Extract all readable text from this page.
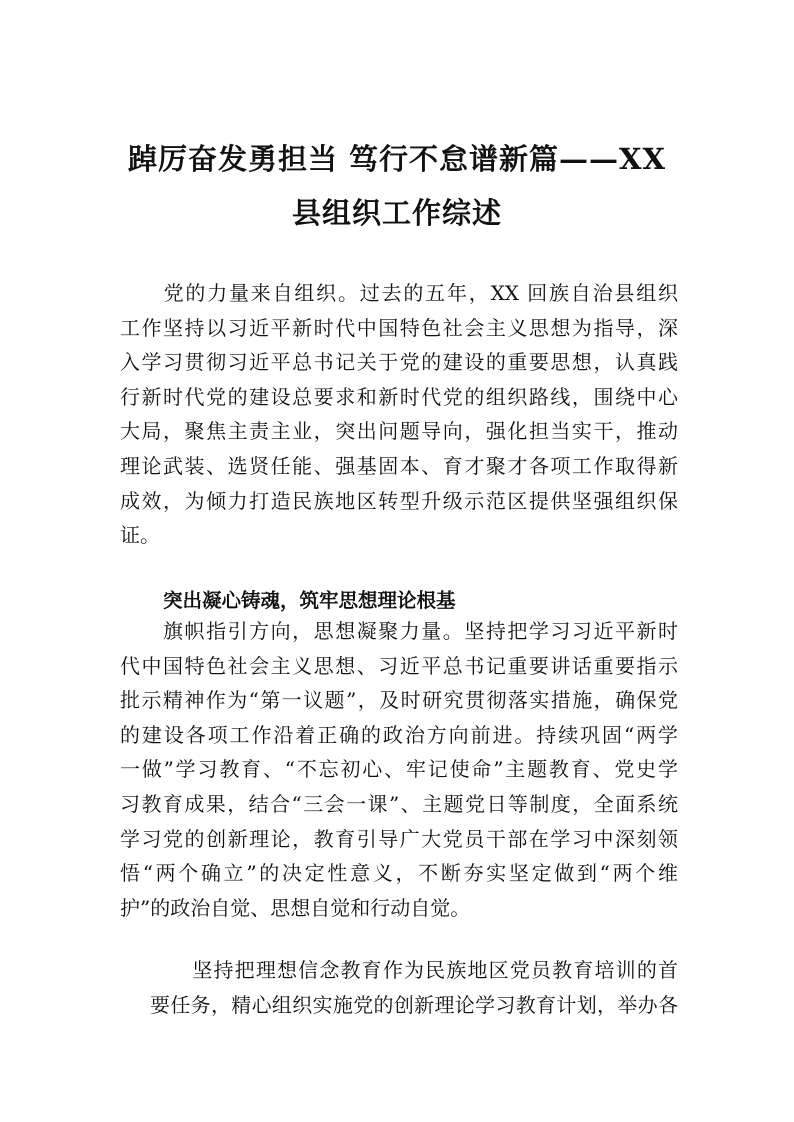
踔厉奋发勇担当 笃行不怠谱新篇——XX
县组织工作综述
　　党的力量来自组织。过去的五年，XX 回族自治县组织
工作坚持以习近平新时代中国特色社会主义思想为指导，深
入学习贯彻习近平总书记关于党的建设的重要思想，认真践
行新时代党的建设总要求和新时代党的组织路线，围绕中心
大局，聚焦主责主业，突出问题导向，强化担当实干，推动
理论武装、选贤任能、强基固本、育才聚才各项工作取得新
成效，为倾力打造民族地区转型升级示范区提供坚强组织保
证。
突出凝心铸魂，筑牢思想理论根基
　　旗帜指引方向，思想凝聚力量。坚持把学习习近平新时
代中国特色社会主义思想、习近平总书记重要讲话重要指示
批示精神作为“第一议题”，及时研究贯彻落实措施，确保党
的建设各项工作沿着正确的政治方向前进。持续巩固“两学
一做”学习教育、“不忘初心、牢记使命”主题教育、党史学
习教育成果，结合“三会一课”、主题党日等制度，全面系统
学习党的创新理论，教育引导广大党员干部在学习中深刻领
悟“两个确立”的决定性意义，不断夯实坚定做到“两个维
护”的政治自觉、思想自觉和行动自觉。
　　坚持把理想信念教育作为民族地区党员教育培训的首
要任务，精心组织实施党的创新理论学习教育计划，举办各
